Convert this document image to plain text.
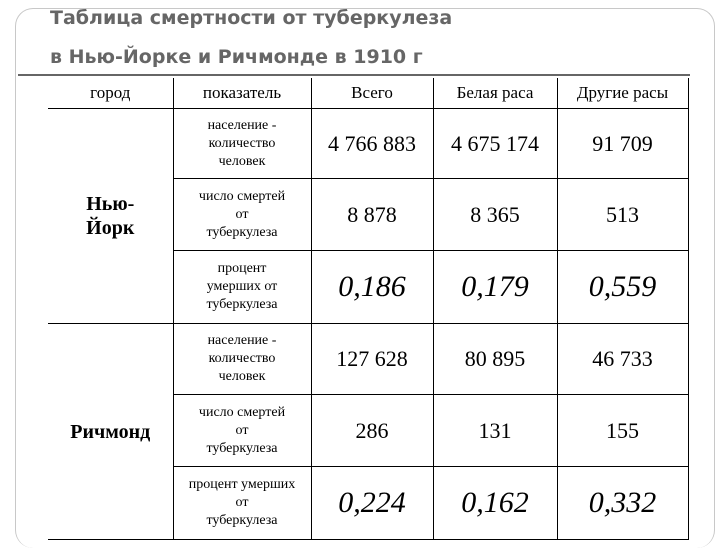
Таблица смертности от туберкулеза
в Нью-Йорке и Ричмонде в 1910 г
город	показатель	Всего	Белая раса	Другие расы
Нью-
Йорк	население -
количество
человек	4 766 883	4 675 174	91 709
	число смертей
от
туберкулеза	8 878	8 365	513
	процент
умерших от
туберкулеза	0,186	0,179	0,559
Ричмонд	население -
количество
человек	127 628	80 895	46 733
	число смертей
от
туберкулеза	286	131	155
	процент умерших
от
туберкулеза	0,224	0,162	0,332
